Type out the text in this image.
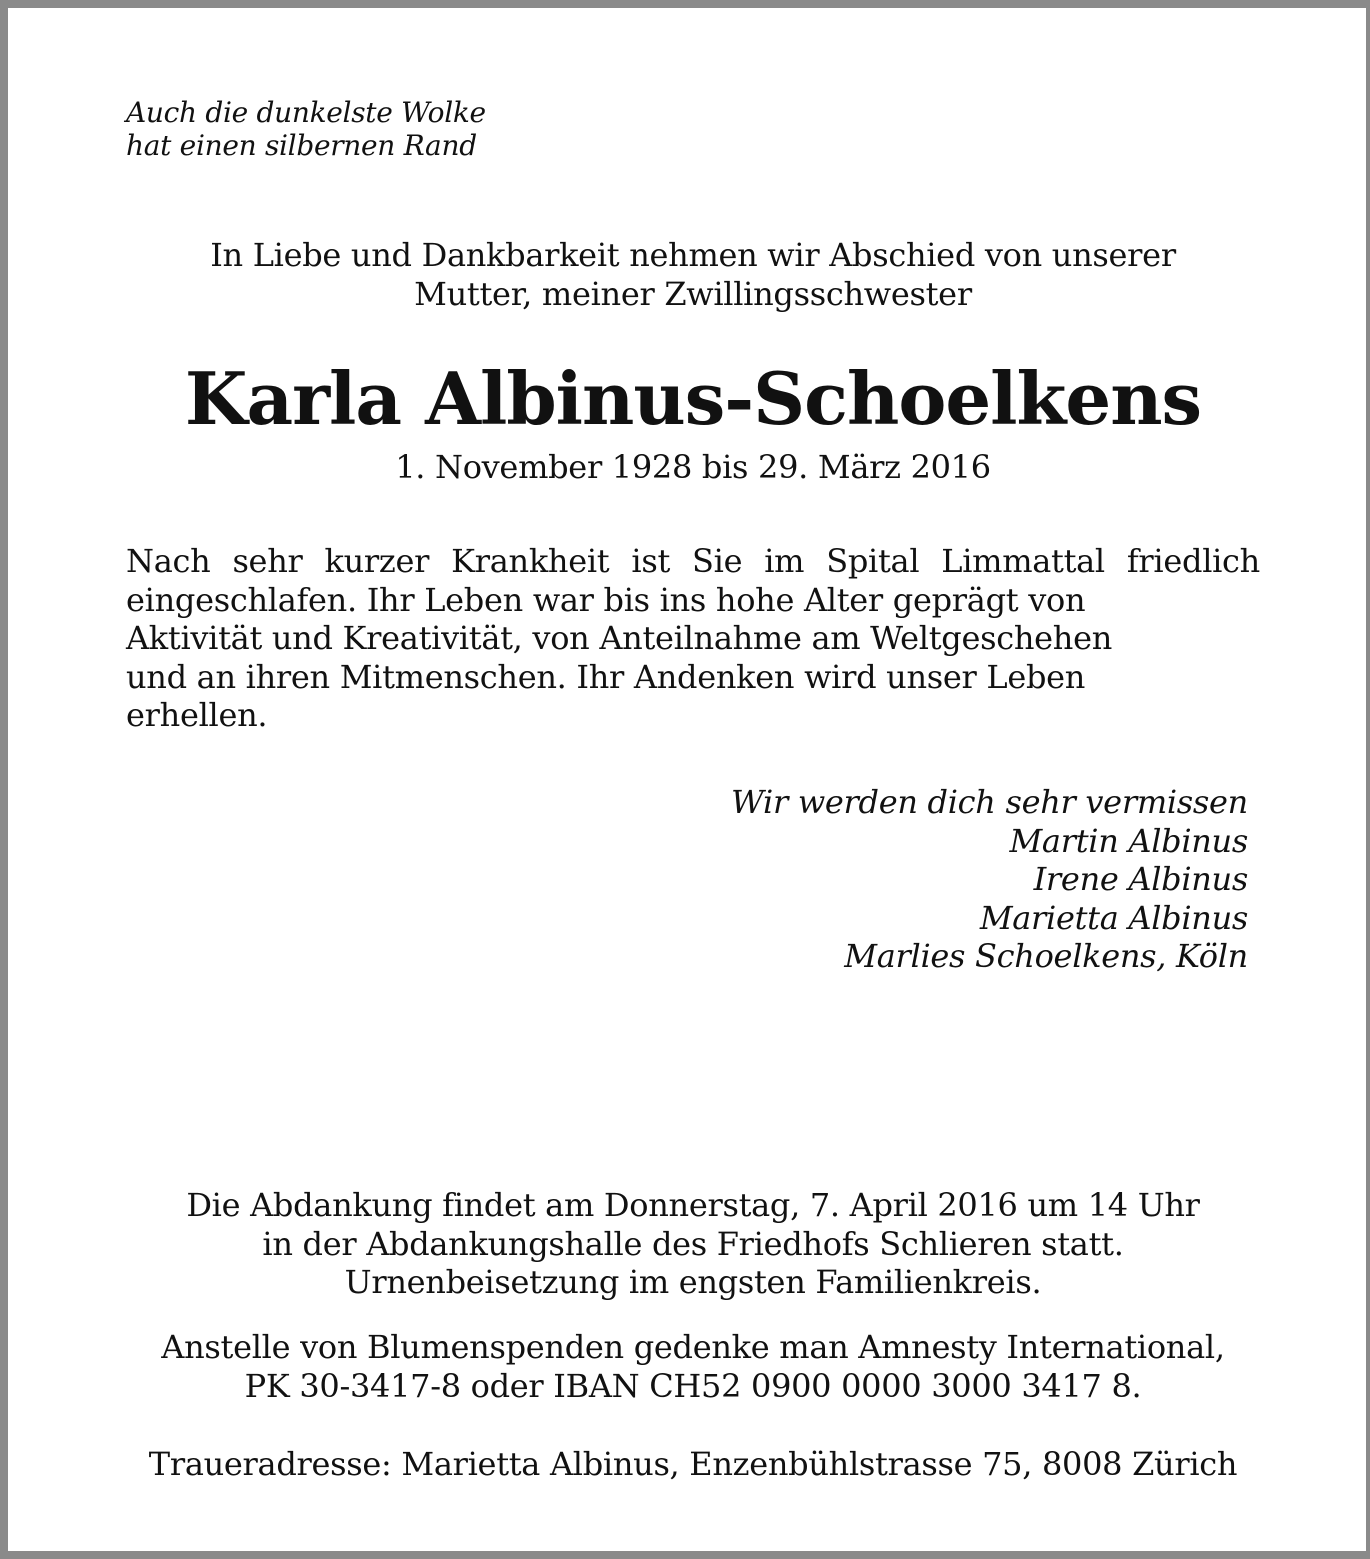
Auch die dunkelste Wolke
hat einen silbernen Rand
In Liebe und Dankbarkeit nehmen wir Abschied von unserer
Mutter, meiner Zwillingsschwester
Karla Albinus-Schoelkens
1. November 1928 bis 29. März 2016
Nach sehr kurzer Krankheit ist Sie im Spital Limmattal friedlich
eingeschlafen. Ihr Leben war bis ins hohe Alter geprägt von
Aktivität und Kreativität, von Anteilnahme am Weltgeschehen
und an ihren Mitmenschen. Ihr Andenken wird unser Leben
erhellen.
Wir werden dich sehr vermissen
Martin Albinus
Irene Albinus
Marietta Albinus
Marlies Schoelkens, Köln
Die Abdankung findet am Donnerstag, 7. April 2016 um 14 Uhr
in der Abdankungshalle des Friedhofs Schlieren statt.
Urnenbeisetzung im engsten Familienkreis.
Anstelle von Blumenspenden gedenke man Amnesty International,
PK 30-3417-8 oder IBAN CH52 0900 0000 3000 3417 8.
Traueradresse: Marietta Albinus, Enzenbühlstrasse 75, 8008 Zürich
